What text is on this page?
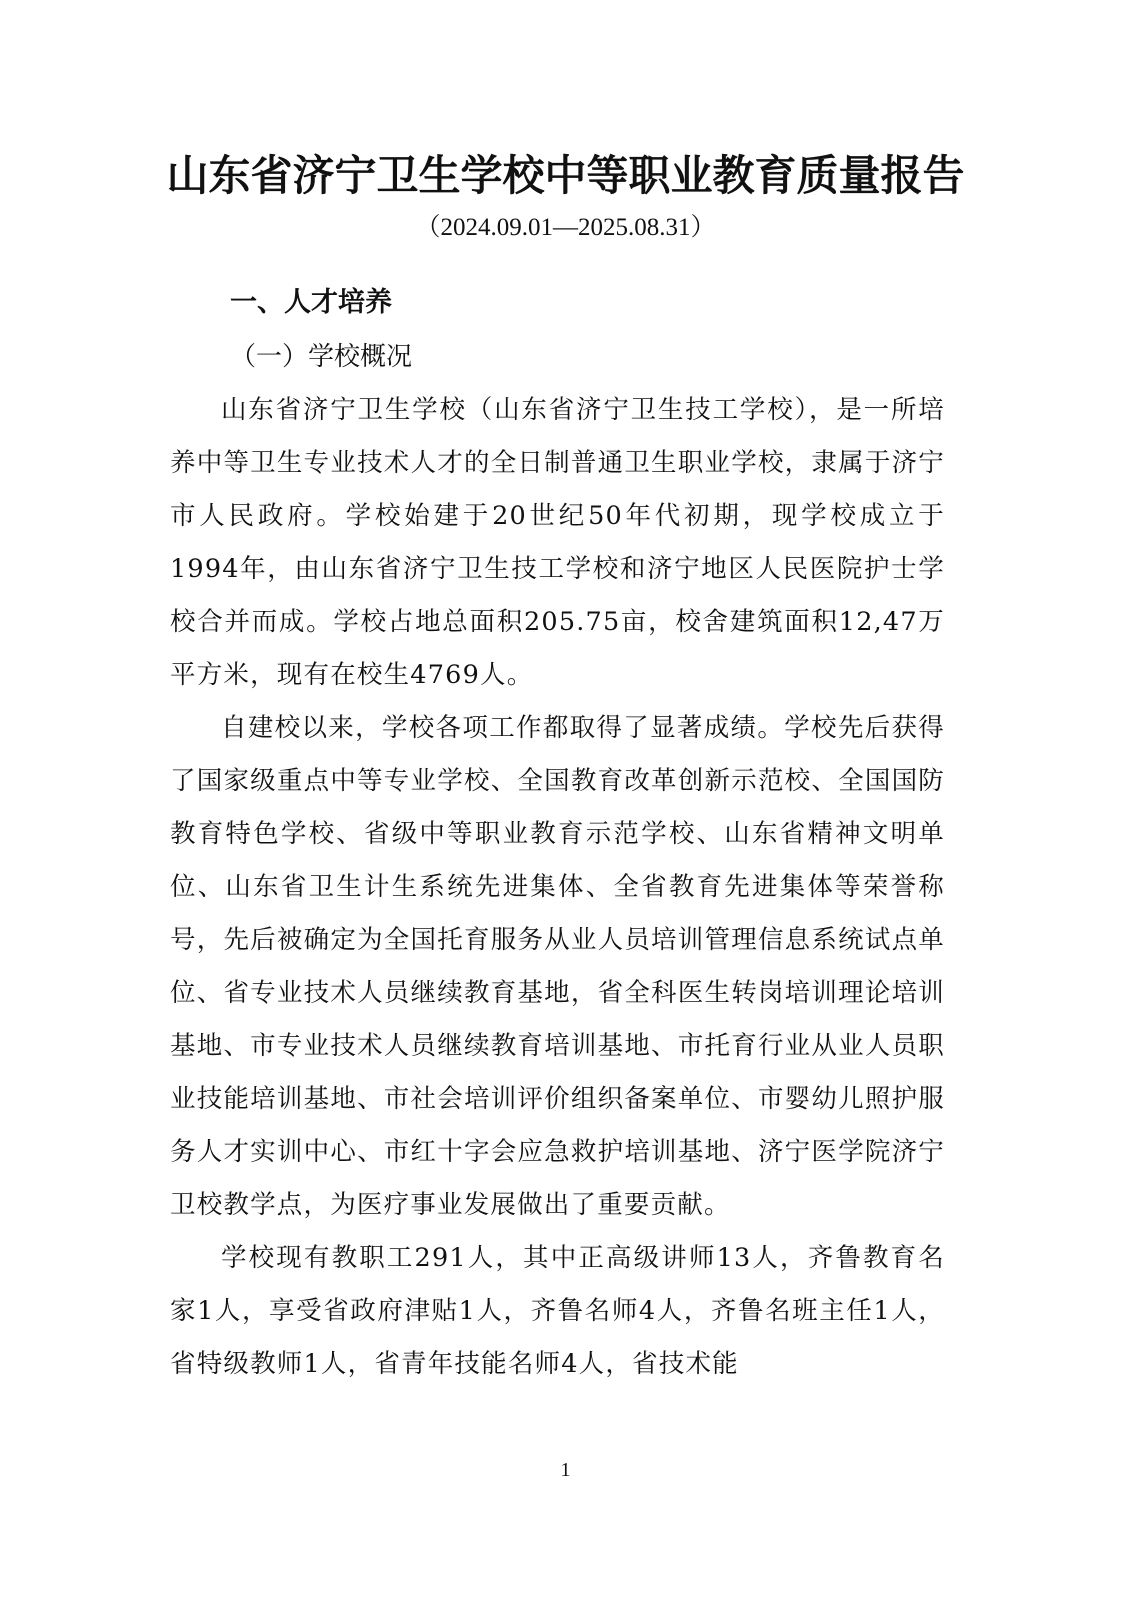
山东省济宁卫生学校中等职业教育质量报告
（2024.09.01—2025.08.31）
一、人才培养
（一）学校概况

山东省济宁卫生学校（山东省济宁卫生技工学校），是一所培养中等卫生专业技术人才的全日制普通卫生职业学校，隶属于济宁市人民政府。学校始建于20世纪50年代初期，现学校成立于1994年，由山东省济宁卫生技工学校和济宁地区人民医院护士学校合并而成。学校占地总面积205.75亩，校舍建筑面积12,47万平方米，现有在校生4769人。

自建校以来，学校各项工作都取得了显著成绩。学校先后获得了国家级重点中等专业学校、全国教育改革创新示范校、全国国防教育特色学校、省级中等职业教育示范学校、山东省精神文明单位、山东省卫生计生系统先进集体、全省教育先进集体等荣誉称号，先后被确定为全国托育服务从业人员培训管理信息系统试点单位、省专业技术人员继续教育基地，省全科医生转岗培训理论培训基地、市专业技术人员继续教育培训基地、市托育行业从业人员职业技能培训基地、市社会培训评价组织备案单位、市婴幼儿照护服务人才实训中心、市红十字会应急救护培训基地、济宁医学院济宁卫校教学点，为医疗事业发展做出了重要贡献。

学校现有教职工291人，其中正高级讲师13人，齐鲁教育名家1人，享受省政府津贴1人，齐鲁名师4人，齐鲁名班主任1人，省特级教师1人，省青年技能名师4人，省技术能

1
